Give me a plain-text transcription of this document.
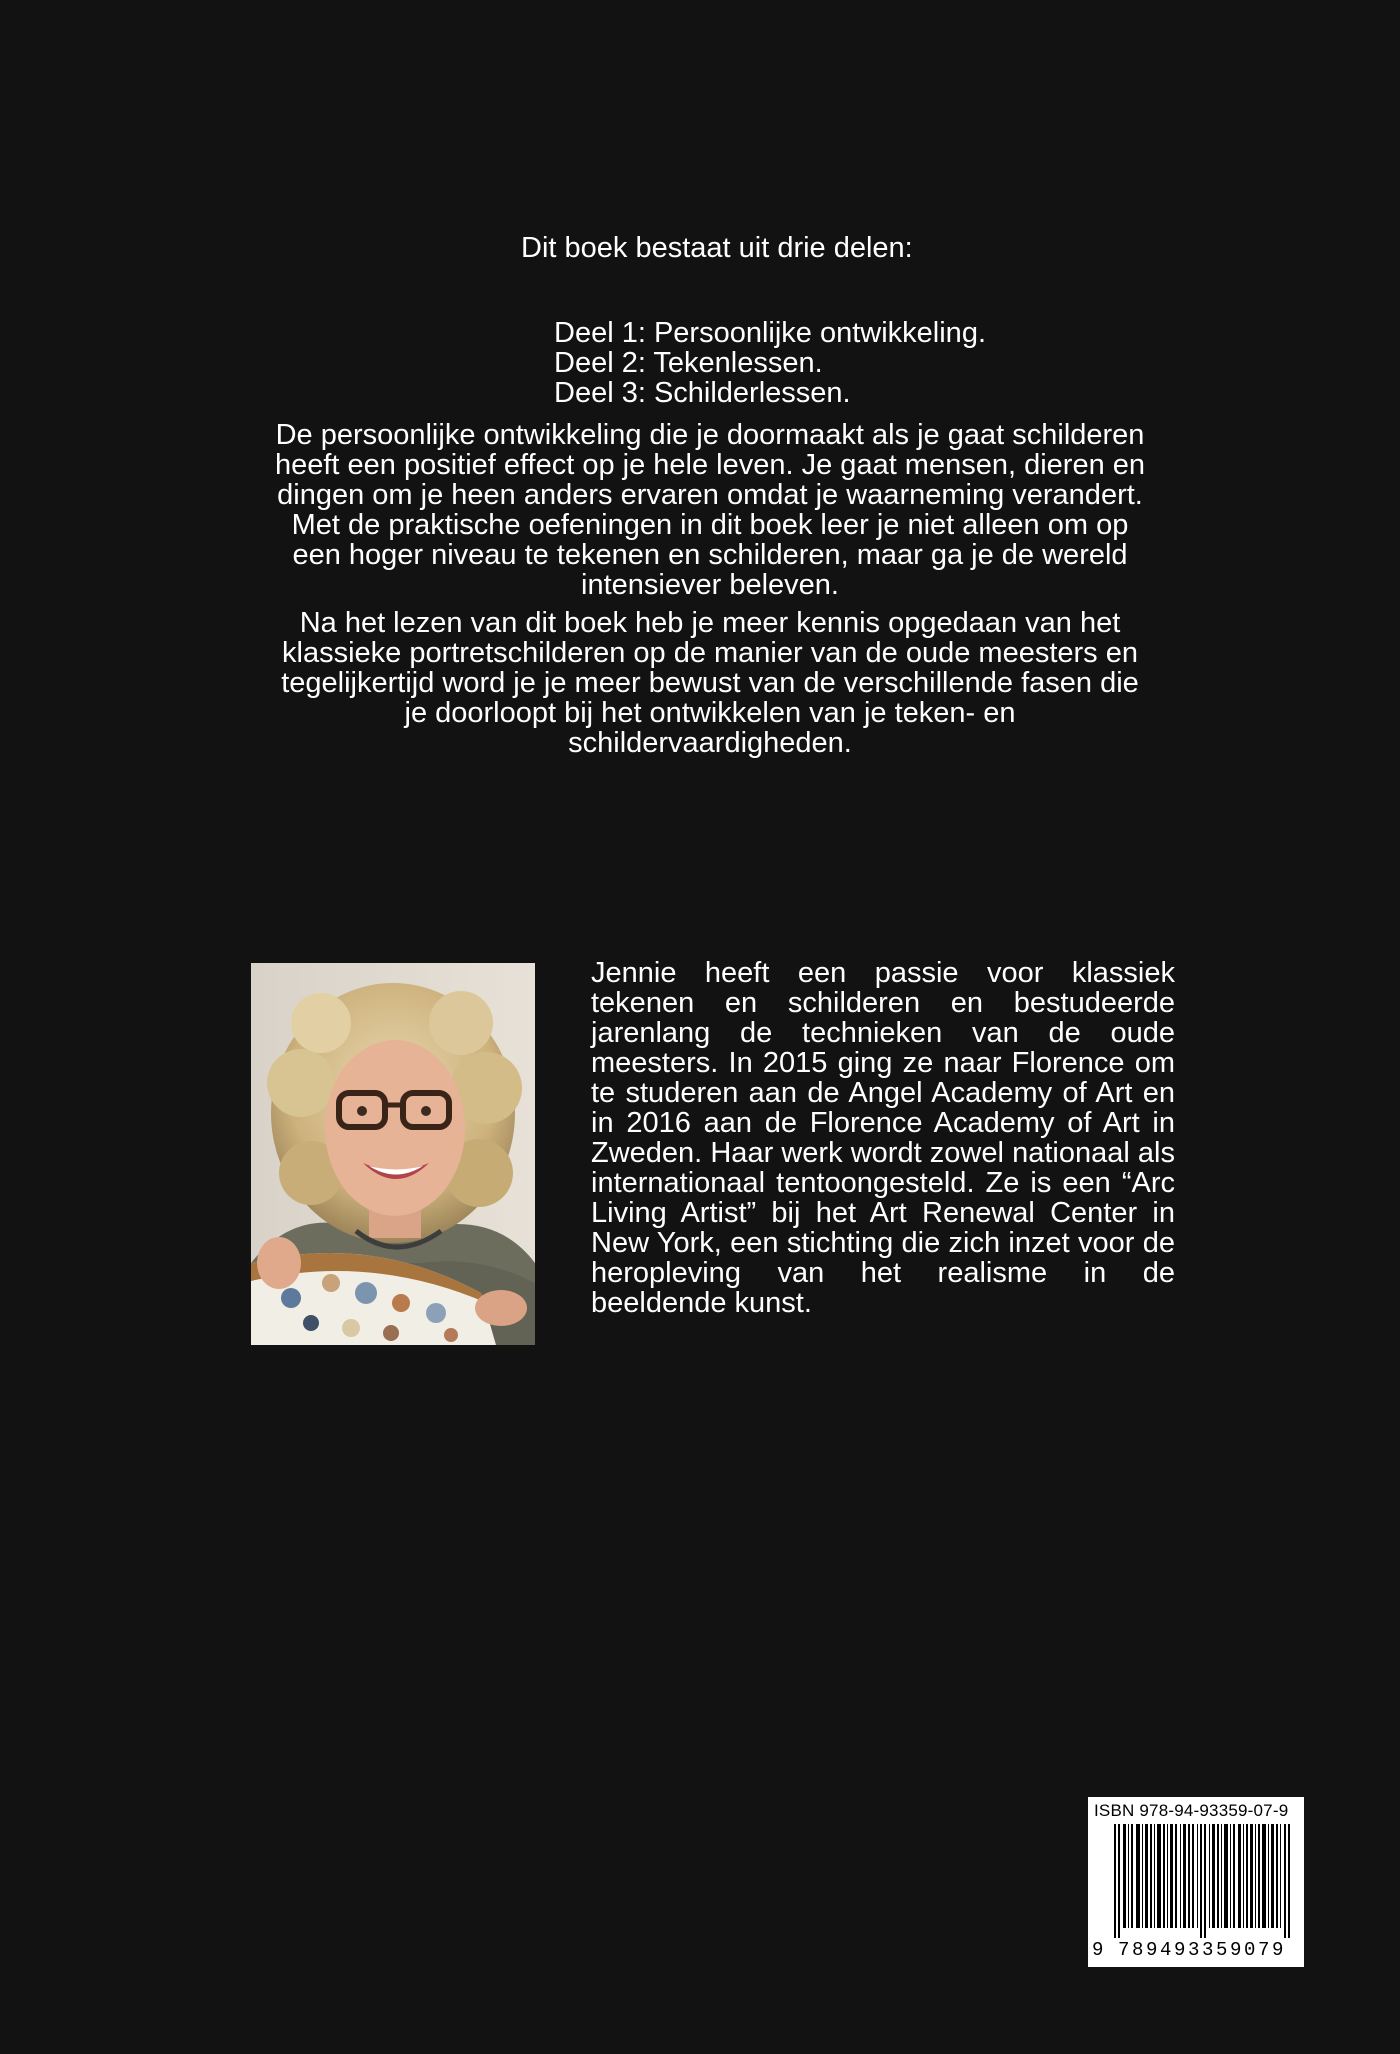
Dit boek bestaat uit drie delen:

Deel 1: Persoonlijke ontwikkeling.
Deel 2: Tekenlessen.
Deel 3: Schilderlessen.

De persoonlijke ontwikkeling die je doormaakt als je gaat schilderen heeft een positief effect op je hele leven. Je gaat mensen, dieren en dingen om je heen anders ervaren omdat je waarneming verandert. Met de praktische oefeningen in dit boek leer je niet alleen om op een hoger niveau te tekenen en schilderen, maar ga je de wereld intensiever beleven.

Na het lezen van dit boek heb je meer kennis opgedaan van het klassieke portretschilderen op de manier van de oude meesters en tegelijkertijd word je je meer bewust van de verschillende fasen die je doorloopt bij het ontwikkelen van je teken- en schildervaardigheden.

Jennie heeft een passie voor klassiek tekenen en schilderen en bestudeerde jarenlang de technieken van de oude meesters. In 2015 ging ze naar Florence om te studeren aan de Angel Academy of Art en in 2016 aan de Florence Academy of Art in Zweden. Haar werk wordt zowel nationaal als internationaal tentoongesteld. Ze is een “Arc Living Artist” bij het Art Renewal Center in New York, een stichting die zich inzet voor de heropleving van het realisme in de beeldende kunst.

ISBN 978-94-93359-07-9
9 789493359079
